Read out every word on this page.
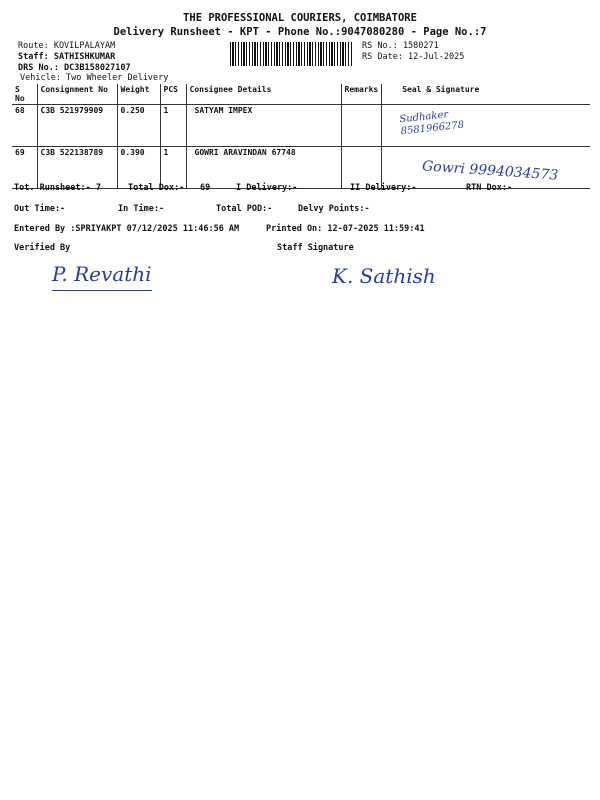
THE PROFESSIONAL COURIERS, COIMBATORE
Delivery Runsheet - KPT - Phone No.:9047080280 - Page No.:7
Route: KOVILPALAYAM
Staff: SATHISHKUMAR
DRS No.: DC3B158027107
Vehicle: Two Wheeler Delivery
RS No.: 1580271
RS Date: 12-Jul-2025
S No	Consignment No	Weight	PCS	Consignee Details	Remarks	Seal & Signature
68	C3B 521979909	0.250	1	SATYAM IMPEX		Sudhaker
8581966278

69	C3B 522138789	0.390	1	GOWRI ARAVINDAN 67748		Gowri 9994034573
Tot. Runsheet:- 7	Total Dox:- 69	I Delivery:-	II Delivery:-	RTN Dox:-
Out Time:-	In Time:-	Total POD:-	Delvy Points:-
Entered By :SPRIYAKPT 07/12/2025 11:46:56 AM	Printed On: 12-07-2025 11:59:41
Verified By	Staff Signature
P. Revathi	K. Sathish
